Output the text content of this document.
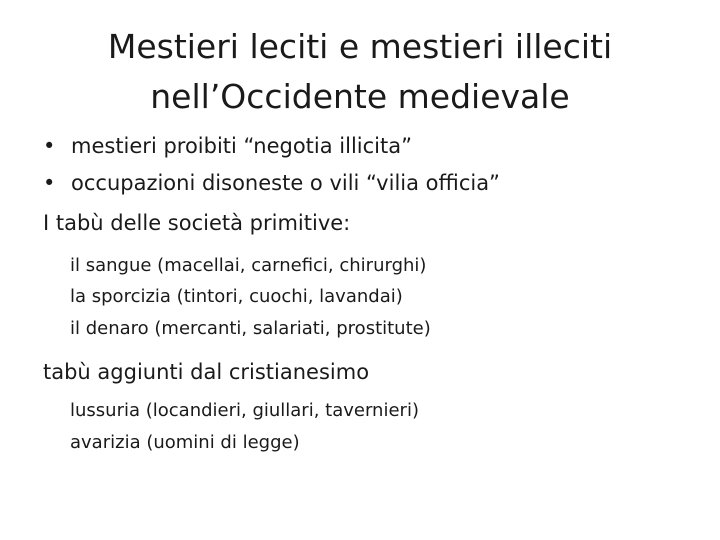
Mestieri leciti e mestieri illeciti
nell’Occidente medievale
• mestieri proibiti “negotia illicita”
• occupazioni disoneste o vili “vilia officia”
I tabù delle società primitive:
il sangue (macellai, carnefici, chirurghi)
la sporcizia (tintori, cuochi, lavandai)
il denaro (mercanti, salariati, prostitute)
tabù aggiunti dal cristianesimo
lussuria (locandieri, giullari, tavernieri)
avarizia (uomini di legge)
